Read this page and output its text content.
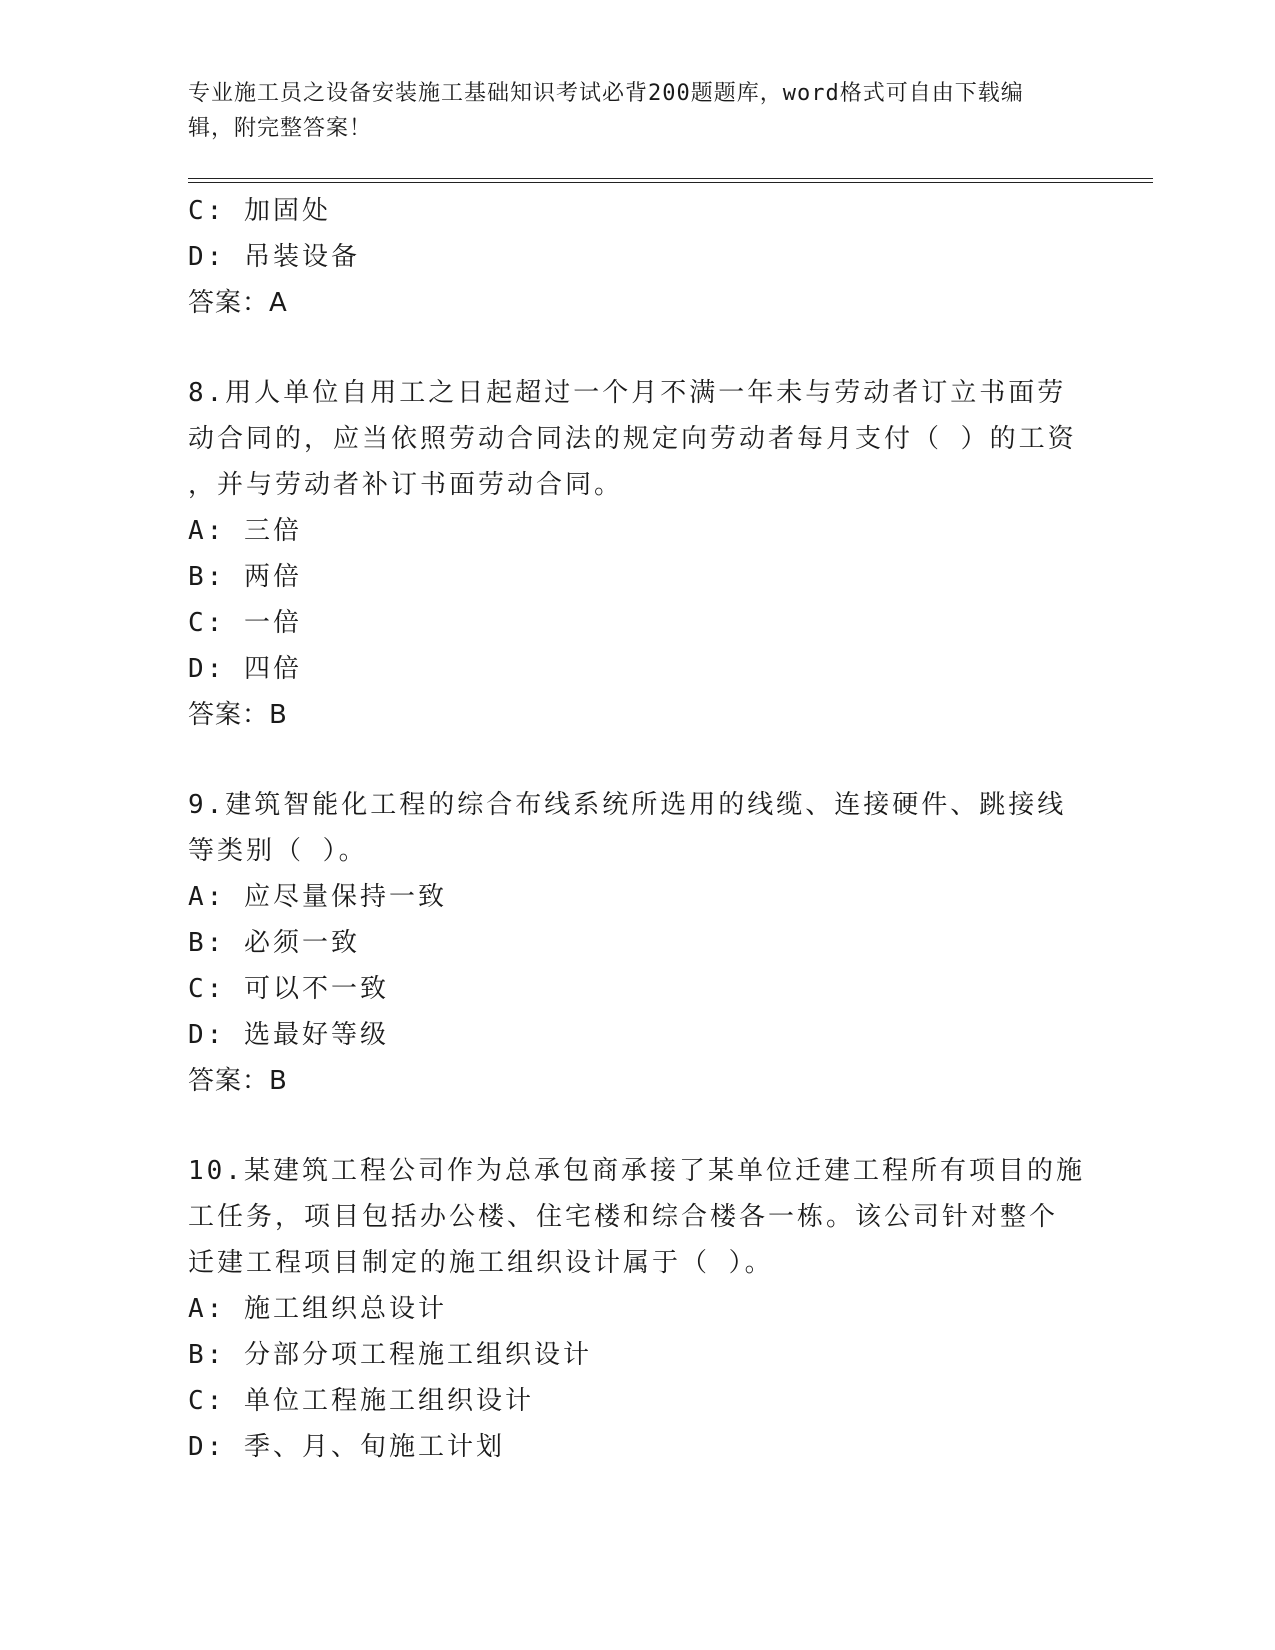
专业施工员之设备安装施工基础知识考试必背200题题库，word格式可自由下载编辑，附完整答案！
C: 加固处
D: 吊装设备
答案：A
8.用人单位自用工之日起超过一个月不满一年未与劳动者订立书面劳
动合同的，应当依照劳动合同法的规定向劳动者每月支付（ ）的工资
，并与劳动者补订书面劳动合同。
A: 三倍
B: 两倍
C: 一倍
D: 四倍
答案：B
9.建筑智能化工程的综合布线系统所选用的线缆、连接硬件、跳接线
等类别（ ）。
A: 应尽量保持一致
B: 必须一致
C: 可以不一致
D: 选最好等级
答案：B
10.某建筑工程公司作为总承包商承接了某单位迁建工程所有项目的施
工任务，项目包括办公楼、住宅楼和综合楼各一栋。该公司针对整个
迁建工程项目制定的施工组织设计属于（ ）。
A: 施工组织总设计
B: 分部分项工程施工组织设计
C: 单位工程施工组织设计
D: 季、月、旬施工计划
